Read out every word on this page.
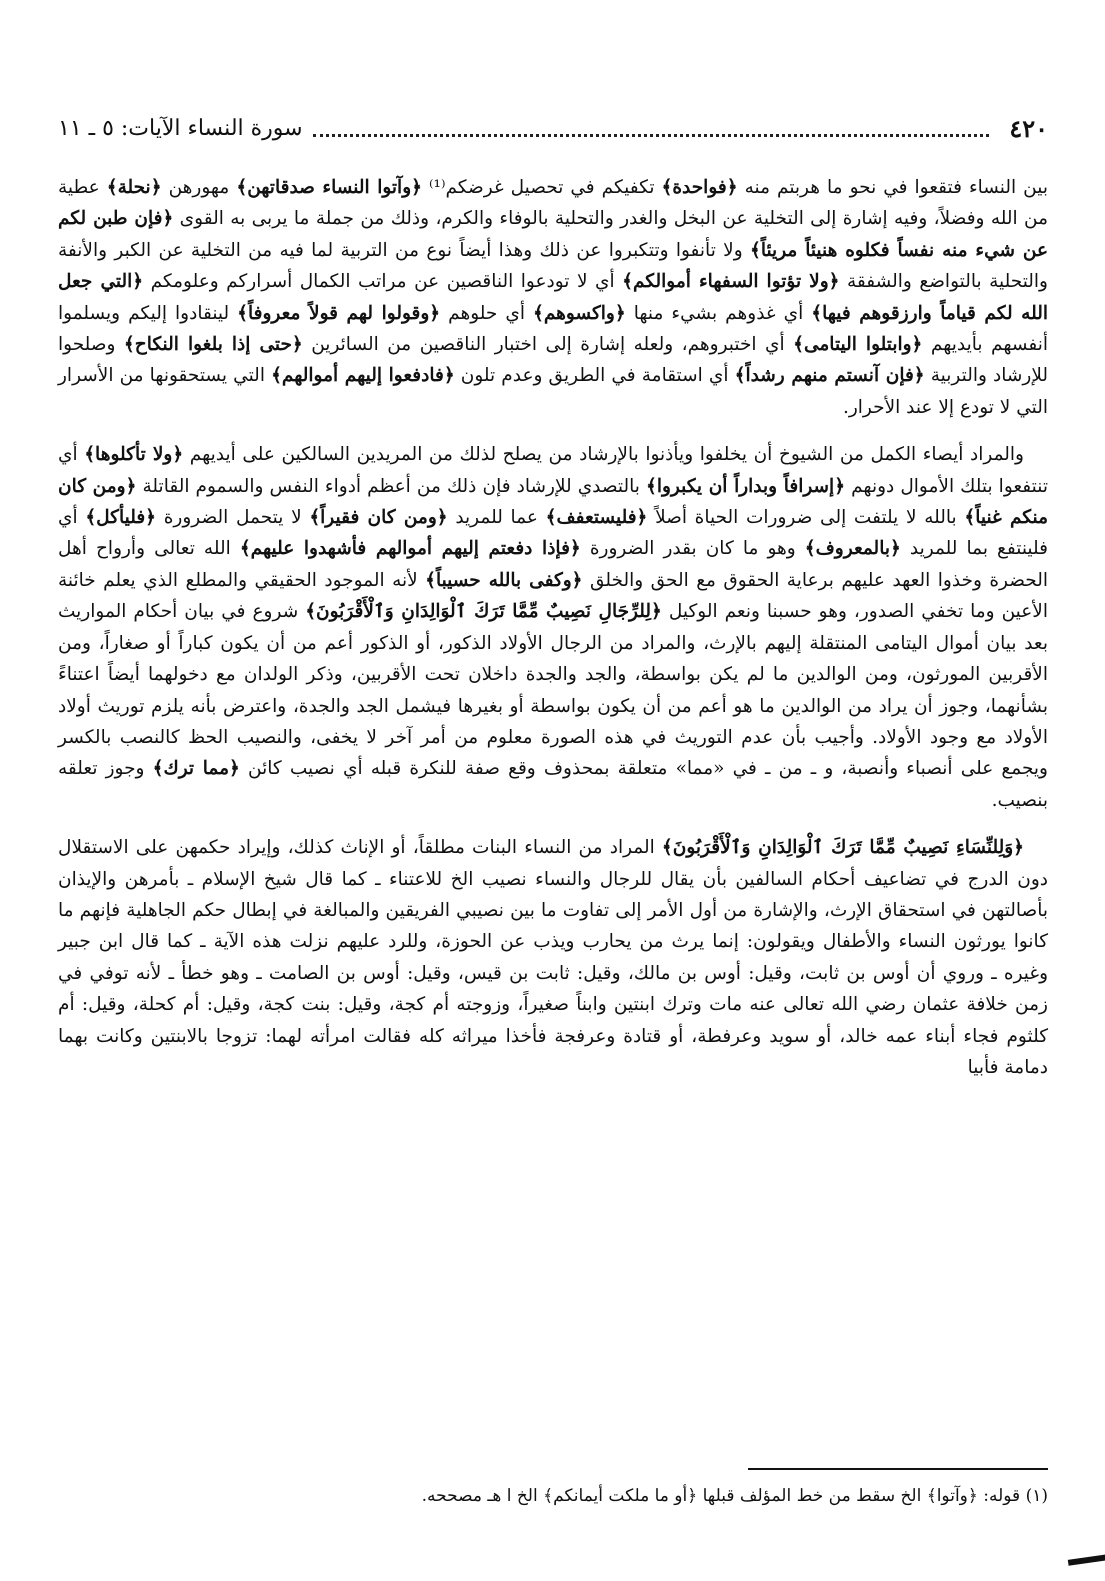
٤٢٠
سورة النساء الآيات: ٥ ـ ١١

بين النساء فتقعوا في نحو ما هربتم منه ﴿فواحدة﴾ تكفيكم في تحصيل غرضكم⁽¹⁾ ﴿وآتوا النساء صدقاتهن﴾ مهورهن ﴿نحلة﴾ عطية من الله وفضلاً، وفيه إشارة إلى التخلية عن البخل والغدر والتحلية بالوفاء والكرم، وذلك من جملة ما يربى به القوى ﴿فإن طبن لكم عن شيء منه نفساً فكلوه هنيئاً مريئاً﴾ ولا تأنفوا وتتكبروا عن ذلك وهذا أيضاً نوع من التربية لما فيه من التخلية عن الكبر والأنفة والتحلية بالتواضع والشفقة ﴿ولا تؤتوا السفهاء أموالكم﴾ أي لا تودعوا الناقصين عن مراتب الكمال أسراركم وعلومكم ﴿التي جعل الله لكم قياماً وارزقوهم فيها﴾ أي غذوهم بشيء منها ﴿واكسوهم﴾ أي حلوهم ﴿وقولوا لهم قولاً معروفاً﴾ لينقادوا إليكم ويسلموا أنفسهم بأيديهم ﴿وابتلوا اليتامى﴾ أي اختبروهم، ولعله إشارة إلى اختبار الناقصين من السائرين ﴿حتى إذا بلغوا النكاح﴾ وصلحوا للإرشاد والتربية ﴿فإن آنستم منهم رشداً﴾ أي استقامة في الطريق وعدم تلون ﴿فادفعوا إليهم أموالهم﴾ التي يستحقونها من الأسرار التي لا تودع إلا عند الأحرار.

والمراد أيصاء الكمل من الشيوخ أن يخلفوا ويأذنوا بالإرشاد من يصلح لذلك من المريدين السالكين على أيديهم ﴿ولا تأكلوها﴾ أي تنتفعوا بتلك الأموال دونهم ﴿إسرافاً وبداراً أن يكبروا﴾ بالتصدي للإرشاد فإن ذلك من أعظم أدواء النفس والسموم القاتلة ﴿ومن كان منكم غنياً﴾ بالله لا يلتفت إلى ضرورات الحياة أصلاً ﴿فليستعفف﴾ عما للمريد ﴿ومن كان فقيراً﴾ لا يتحمل الضرورة ﴿فليأكل﴾ أي فلينتفع بما للمريد ﴿بالمعروف﴾ وهو ما كان بقدر الضرورة ﴿فإذا دفعتم إليهم أموالهم فأشهدوا عليهم﴾ الله تعالى وأرواح أهل الحضرة وخذوا العهد عليهم برعاية الحقوق مع الحق والخلق ﴿وكفى بالله حسيباً﴾ لأنه الموجود الحقيقي والمطلع الذي يعلم خائنة الأعين وما تخفي الصدور، وهو حسبنا ونعم الوكيل ﴿لِلرِّجَالِ نَصِيبٌ مِّمَّا تَرَكَ ٱلْوَالِدَانِ وَٱلْأَقْرَبُونَ﴾ شروع في بيان أحكام المواريث بعد بيان أموال اليتامى المنتقلة إليهم بالإرث، والمراد من الرجال الأولاد الذكور، أو الذكور أعم من أن يكون كباراً أو صغاراً، ومن الأقربين المورثون، ومن الوالدين ما لم يكن بواسطة، والجد والجدة داخلان تحت الأقربين، وذكر الولدان مع دخولهما أيضاً اعتناءً بشأنهما، وجوز أن يراد من الوالدين ما هو أعم من أن يكون بواسطة أو بغيرها فيشمل الجد والجدة، واعترض بأنه يلزم توريث أولاد الأولاد مع وجود الأولاد. وأجيب بأن عدم التوريث في هذه الصورة معلوم من أمر آخر لا يخفى، والنصيب الحظ كالنصب بالكسر ويجمع على أنصباء وأنصبة، و ـ من ـ في «مما» متعلقة بمحذوف وقع صفة للنكرة قبله أي نصيب كائن ﴿مما ترك﴾ وجوز تعلقه بنصيب.

﴿وَلِلنِّسَاءِ نَصِيبٌ مِّمَّا تَرَكَ ٱلْوَالِدَانِ وَٱلْأَقْرَبُونَ﴾ المراد من النساء البنات مطلقاً، أو الإناث كذلك، وإيراد حكمهن على الاستقلال دون الدرج في تضاعيف أحكام السالفين بأن يقال للرجال والنساء نصيب الخ للاعتناء ـ كما قال شيخ الإسلام ـ بأمرهن والإيذان بأصالتهن في استحقاق الإرث، والإشارة من أول الأمر إلى تفاوت ما بين نصيبي الفريقين والمبالغة في إبطال حكم الجاهلية فإنهم ما كانوا يورثون النساء والأطفال ويقولون: إنما يرث من يحارب ويذب عن الحوزة، وللرد عليهم نزلت هذه الآية ـ كما قال ابن جبير وغيره ـ وروي أن أوس بن ثابت، وقيل: أوس بن مالك، وقيل: ثابت بن قيس، وقيل: أوس بن الصامت ـ وهو خطأ ـ لأنه توفي في زمن خلافة عثمان رضي الله تعالى عنه مات وترك ابنتين وابناً صغيراً، وزوجته أم كجة، وقيل: بنت كجة، وقيل: أم كحلة، وقيل: أم كلثوم فجاء أبناء عمه خالد، أو سويد وعرفطة، أو قتادة وعرفجة فأخذا ميراثه كله فقالت امرأته لهما: تزوجا بالابنتين وكانت بهما دمامة فأبيا

(١) قوله: ﴿وآتوا﴾ الخ سقط من خط المؤلف قبلها ﴿أو ما ملكت أيمانكم﴾ الخ ا هـ مصححه.
